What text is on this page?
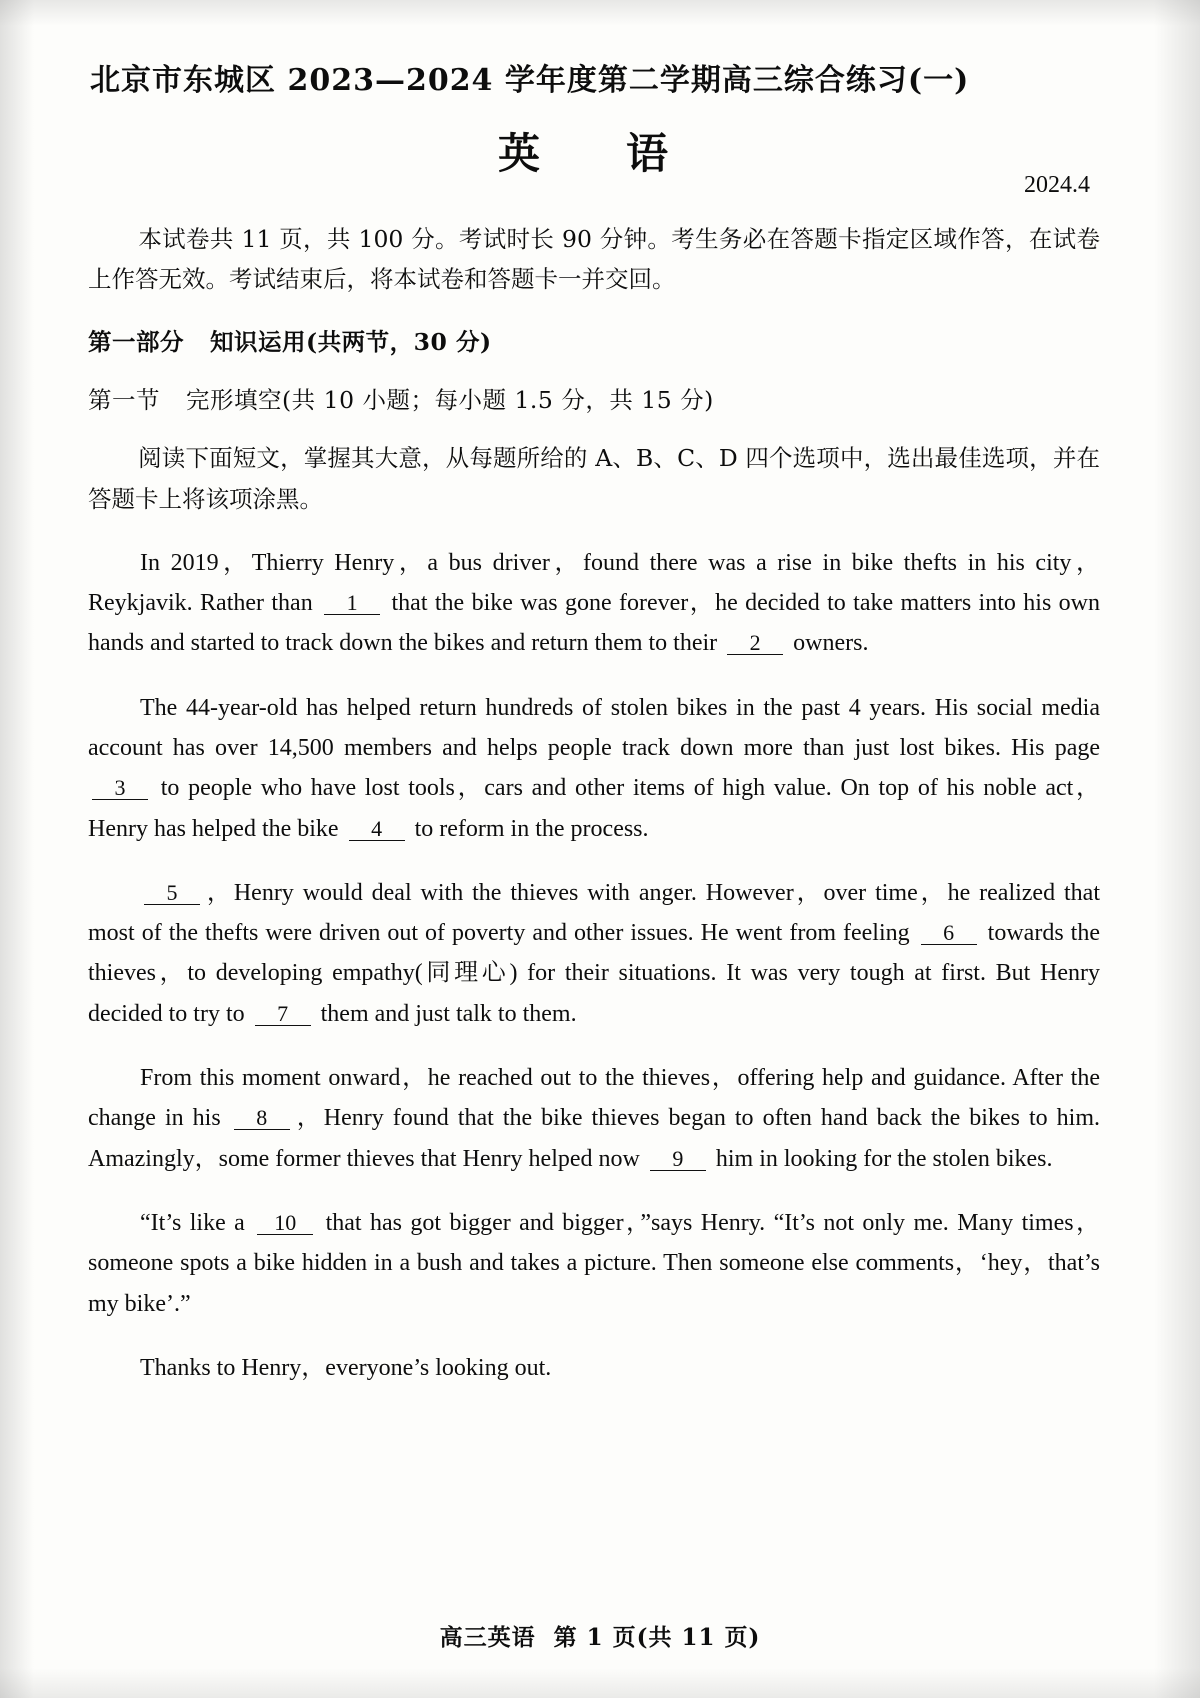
北京市东城区 2023—2024 学年度第二学期高三综合练习(一)
英　语
2024.4

本试卷共 11 页，共 100 分。考试时长 90 分钟。考生务必在答题卡指定区域作答，在试卷上作答无效。考试结束后，将本试卷和答题卡一并交回。

第一部分 知识运用(共两节，30 分)

第一节 完形填空(共 10 小题；每小题 1.5 分，共 15 分)

阅读下面短文，掌握其大意，从每题所给的 A、B、C、D 四个选项中，选出最佳选项，并在答题卡上将该项涂黑。

In 2019，Thierry Henry，a bus driver，found there was a rise in bike thefts in his city，Reykjavik. Rather than 1 that the bike was gone forever，he decided to take matters into his own hands and started to track down the bikes and return them to their 2 owners.

The 44-year-old has helped return hundreds of stolen bikes in the past 4 years. His social media account has over 14,500 members and helps people track down more than just lost bikes. His page 3 to people who have lost tools，cars and other items of high value. On top of his noble act，Henry has helped the bike 4 to reform in the process.

5 ，Henry would deal with the thieves with anger. However，over time，he realized that most of the thefts were driven out of poverty and other issues. He went from feeling 6 towards the thieves，to developing empathy(同理心) for their situations. It was very tough at first. But Henry decided to try to 7 them and just talk to them.

From this moment onward，he reached out to the thieves，offering help and guidance. After the change in his 8 ，Henry found that the bike thieves began to often hand back the bikes to him. Amazingly，some former thieves that Henry helped now 9 him in looking for the stolen bikes.

“It’s like a 10 that has got bigger and bigger，”says Henry. “It’s not only me. Many times，someone spots a bike hidden in a bush and takes a picture. Then someone else comments，‘hey，that’s my bike’.”

Thanks to Henry，everyone’s looking out.

高三英语 第 1 页(共 11 页)
